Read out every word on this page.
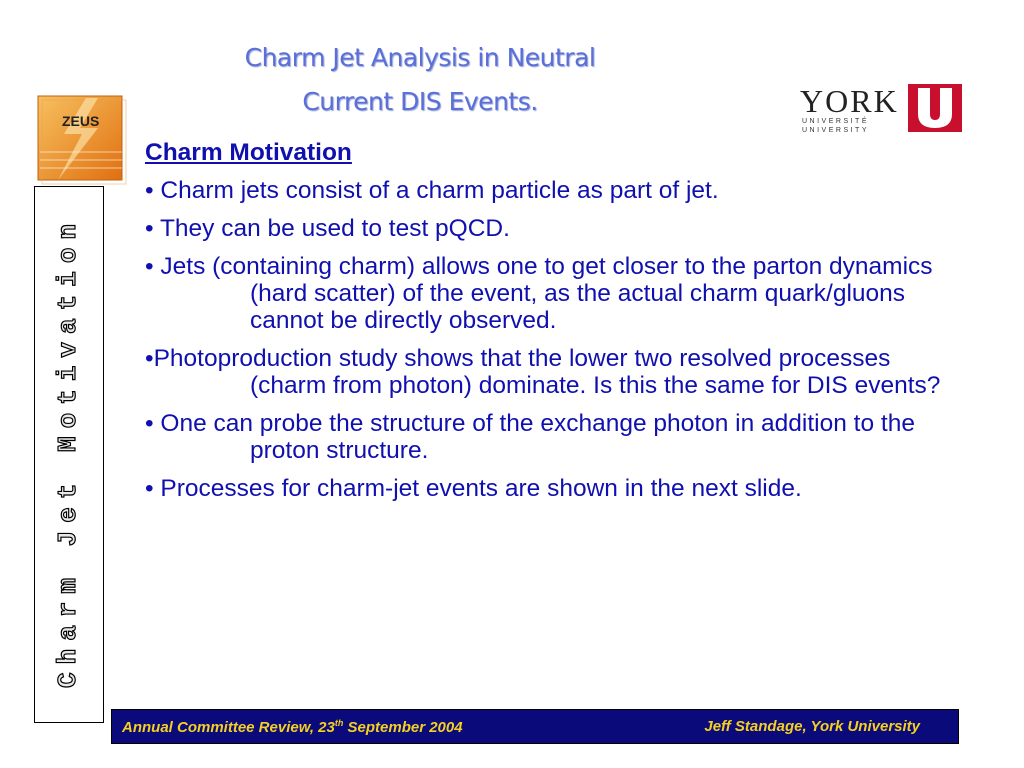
Charm Jet Analysis in Neutral
Current DIS Events.
ZEUS
YORK
UNIVERSITÉ
UNIVERSITY
Charm Jet Motivation
Charm Motivation
• Charm jets consist of a charm particle as part of jet.
• They can be used to test pQCD.
• Jets (containing charm) allows one to get closer to the parton dynamics (hard scatter) of the event, as the actual charm quark/gluons cannot be directly observed.
•Photoproduction study shows that the lower two resolved processes (charm from photon) dominate. Is this the same for DIS events?
• One can probe the structure of the exchange photon in addition to the proton structure.
• Processes for charm-jet events are shown in the next slide.
Annual Committee Review, 23th September 2004	Jeff Standage, York University
